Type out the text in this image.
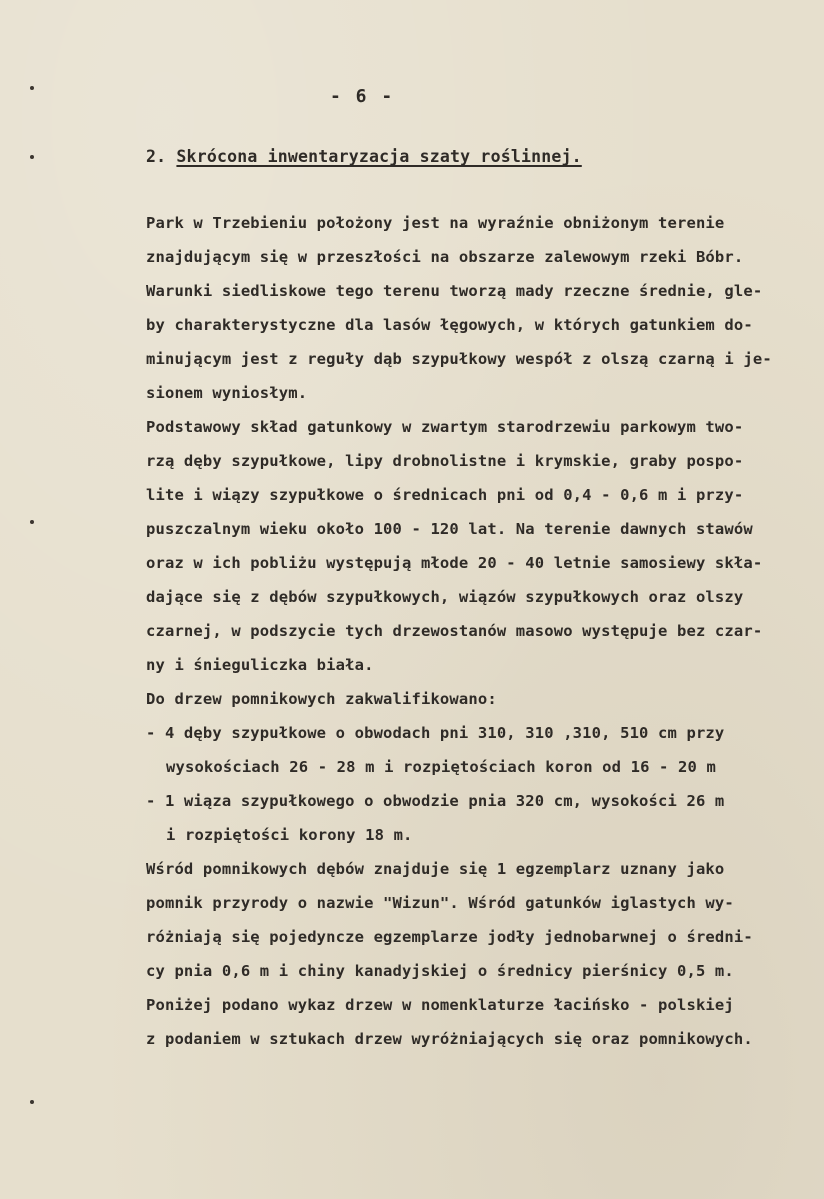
- 6 -
2. Skrócona inwentaryzacja szaty roślinnej.
Park w Trzebieniu położony jest na wyraźnie obniżonym terenie
znajdującym się w przeszłości na obszarze zalewowym rzeki Bóbr.
Warunki siedliskowe tego terenu tworzą mady rzeczne średnie, gle-
by charakterystyczne dla lasów łęgowych, w których gatunkiem do-
minującym jest z reguły dąb szypułkowy wespół z olszą czarną i je-
sionem wyniosłym.
Podstawowy skład gatunkowy w zwartym starodrzewiu parkowym two-
rzą dęby szypułkowe, lipy drobnolistne i krymskie, graby pospo-
lite i wiązy szypułkowe o średnicach pni od 0,4 - 0,6 m i przy-
puszczalnym wieku około 100 - 120 lat. Na terenie dawnych stawów
oraz w ich pobliżu występują młode 20 - 40 letnie samosiewy skła-
dające się z dębów szypułkowych, wiązów szypułkowych oraz olszy
czarnej, w podszycie tych drzewostanów masowo występuje bez czar-
ny i śnieguliczka biała.
Do drzew pomnikowych zakwalifikowano:
- 4 dęby szypułkowe o obwodach pni 310, 310 ,310, 510 cm przy
wysokościach 26 - 28 m i rozpiętościach koron od 16 - 20 m
- 1 wiąza szypułkowego o obwodzie pnia 320 cm, wysokości 26 m
i rozpiętości korony 18 m.
Wśród pomnikowych dębów znajduje się 1 egzemplarz uznany jako
pomnik przyrody o nazwie "Wizun". Wśród gatunków iglastych wy-
różniają się pojedyncze egzemplarze jodły jednobarwnej o średni-
cy pnia 0,6 m i chiny kanadyjskiej o średnicy pierśnicy 0,5 m.
Poniżej podano wykaz drzew w nomenklaturze łacińsko - polskiej
z podaniem w sztukach drzew wyróżniających się oraz pomnikowych.
